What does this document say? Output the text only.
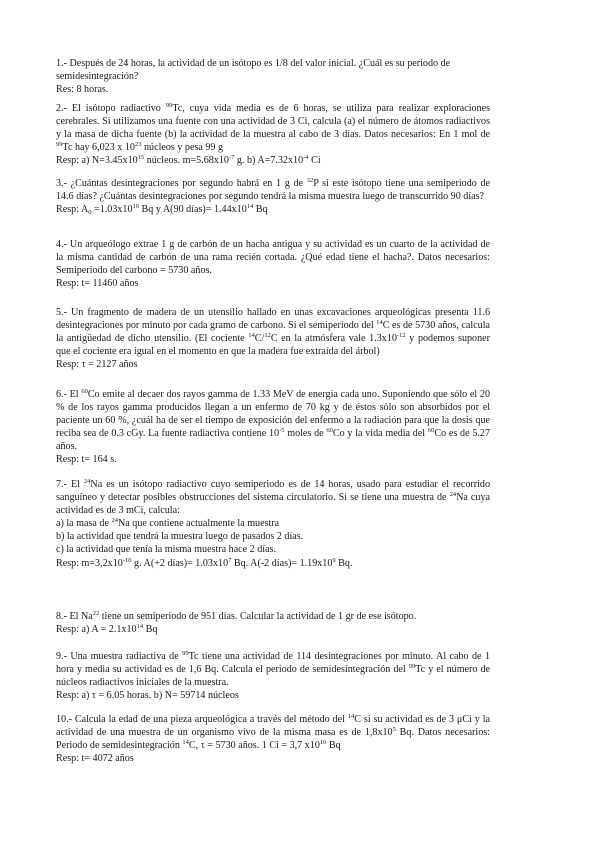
1.- Después de 24 horas, la actividad de un isótopo es 1/8 del valor inicial. ¿Cuál es su periodo de semidesintegración?

Res: 8 horas.

2.- El isótopo radiactivo $^{99}$Tc, cuya vida media es de 6 horas, se utiliza para realizar exploraciones cerebrales. Si utilizamos una fuente con una actividad de 3 Ci, calcula (a) el número de átomos radiactivos y la masa de dicha fuente (b) la actividad de la muestra al cabo de 3 días. Datos necesarios: En 1 mol de $^{99}$Tc hay 6,023 x $10^{23}$ núcleos y pesa 99 g

Resp: a) $N=3.45x10^{15}$ núcleos. $m=5.68x10^{-7}$ g. b) $A=7.32x10^{-4}$ Ci

3.- ¿Cuántas desintegraciones por segundo habrá en 1 g de $^{32}$P si este isótopo tiene una semiperiodo de 14.6 días? ¿Cuántas desintegraciones por segundo tendrá la misma muestra luego de transcurrido 90 días?

Resp: $A_0 =1.03x10^{16}$ Bq y A(90 días)= $1.44x10^{14}$ Bq

4.- Un arqueólogo extrae 1 g de carbón de un hacha antigua y su actividad es un cuarto de la actividad de la misma cantidad de carbón de una rama recién cortada. ¿Qué edad tiene el hacha?. Datos necesarios: Semiperiodo del carbono = 5730 años.

Resp: t= 11460 años

5.- Un fragmento de madera de un utensilio hallado en unas excavaciones arqueológicas presenta 11.6 desintegraciones por minuto por cada gramo de carbono. Si el semiperiodo del $^{14}$C es de 5730 años, calcula la antigüedad de dicho utensilio. (El cociente $^{14}$C/$^{12}$C en la atmósfera vale $1.3x10^{-12}$ y podemos suponer que el cociente era igual en el momento en que la madera fue extraída del árbol)

Resp: τ = 2127 años

6.- El $^{60}$Co emite al decaer dos rayos gamma de 1.33 MeV de energía cada uno. Suponiendo que sólo el 20 % de los rayos gamma producidos llegan a un enfermo de 70 kg y de éstos sólo son absorbidos por el paciente un 60 %, ¿cuál ha de ser el tiempo de exposición del enfermo a la radiación para que la dosis que reciba sea de 0.3 cGy. La fuente radiactiva contiene $10^{-5}$ moles de $^{60}$Co y la vida media del $^{60}$Co es de 5.27 años.

Resp: t= 164 s.

7.- El $^{24}$Na es un isótopo radiactivo cuyo semiperiodo es de 14 horas, usado para estudiar el recorrido sanguíneo y detectar posibles obstrucciones del sistema circulatorio. Si se tiene una muestra de $^{24}$Na cuya actividad es de 3 mCi, calcula:

a) la masa de $^{24}$Na que contiene actualmente la muestra

b) la actividad que tendrá la muestra luego de pasados 2 días.

c) la actividad que tenía la misma muestra hace 2 días.

Resp: $m=3,2x10^{-10}$ g. A(+2 días)= $1.03x10^7$ Bq. A(-2 días)= $1.19x10^9$ Bq.

8.- El Na$^{22}$ tiene un semiperiodo de 951 días. Calcular la actividad de 1 gr de ese isótopo.

Resp: a) $A = 2.1x10^{14}$ Bq

9.- Una muestra radiactiva de $^{99}$Tc tiene una actividad de 114 desintegraciones por minuto. Al cabo de 1 hora y media su actividad es de 1,6 Bq. Calcula el periodo de semidesintegración del $^{99}$Tc y el número de núcleos radiactivos iniciales de la muestra.

Resp: a) τ = 6.05 horas. b) N= 59714 núcleos

10.- Calcula la edad de una pieza arqueológica a través del método del $^{14}$C si su actividad es de 3 μCi y la actividad de una muestra de un organismo vivo de la misma masa es de $1,8x10^5$ Bq. Datos necesarios: Periodo de semidesintegración $^{14}$C, τ = 5730 años. 1 Ci = 3,7 $x10^{10}$ Bq

Resp: t= 4072 años
